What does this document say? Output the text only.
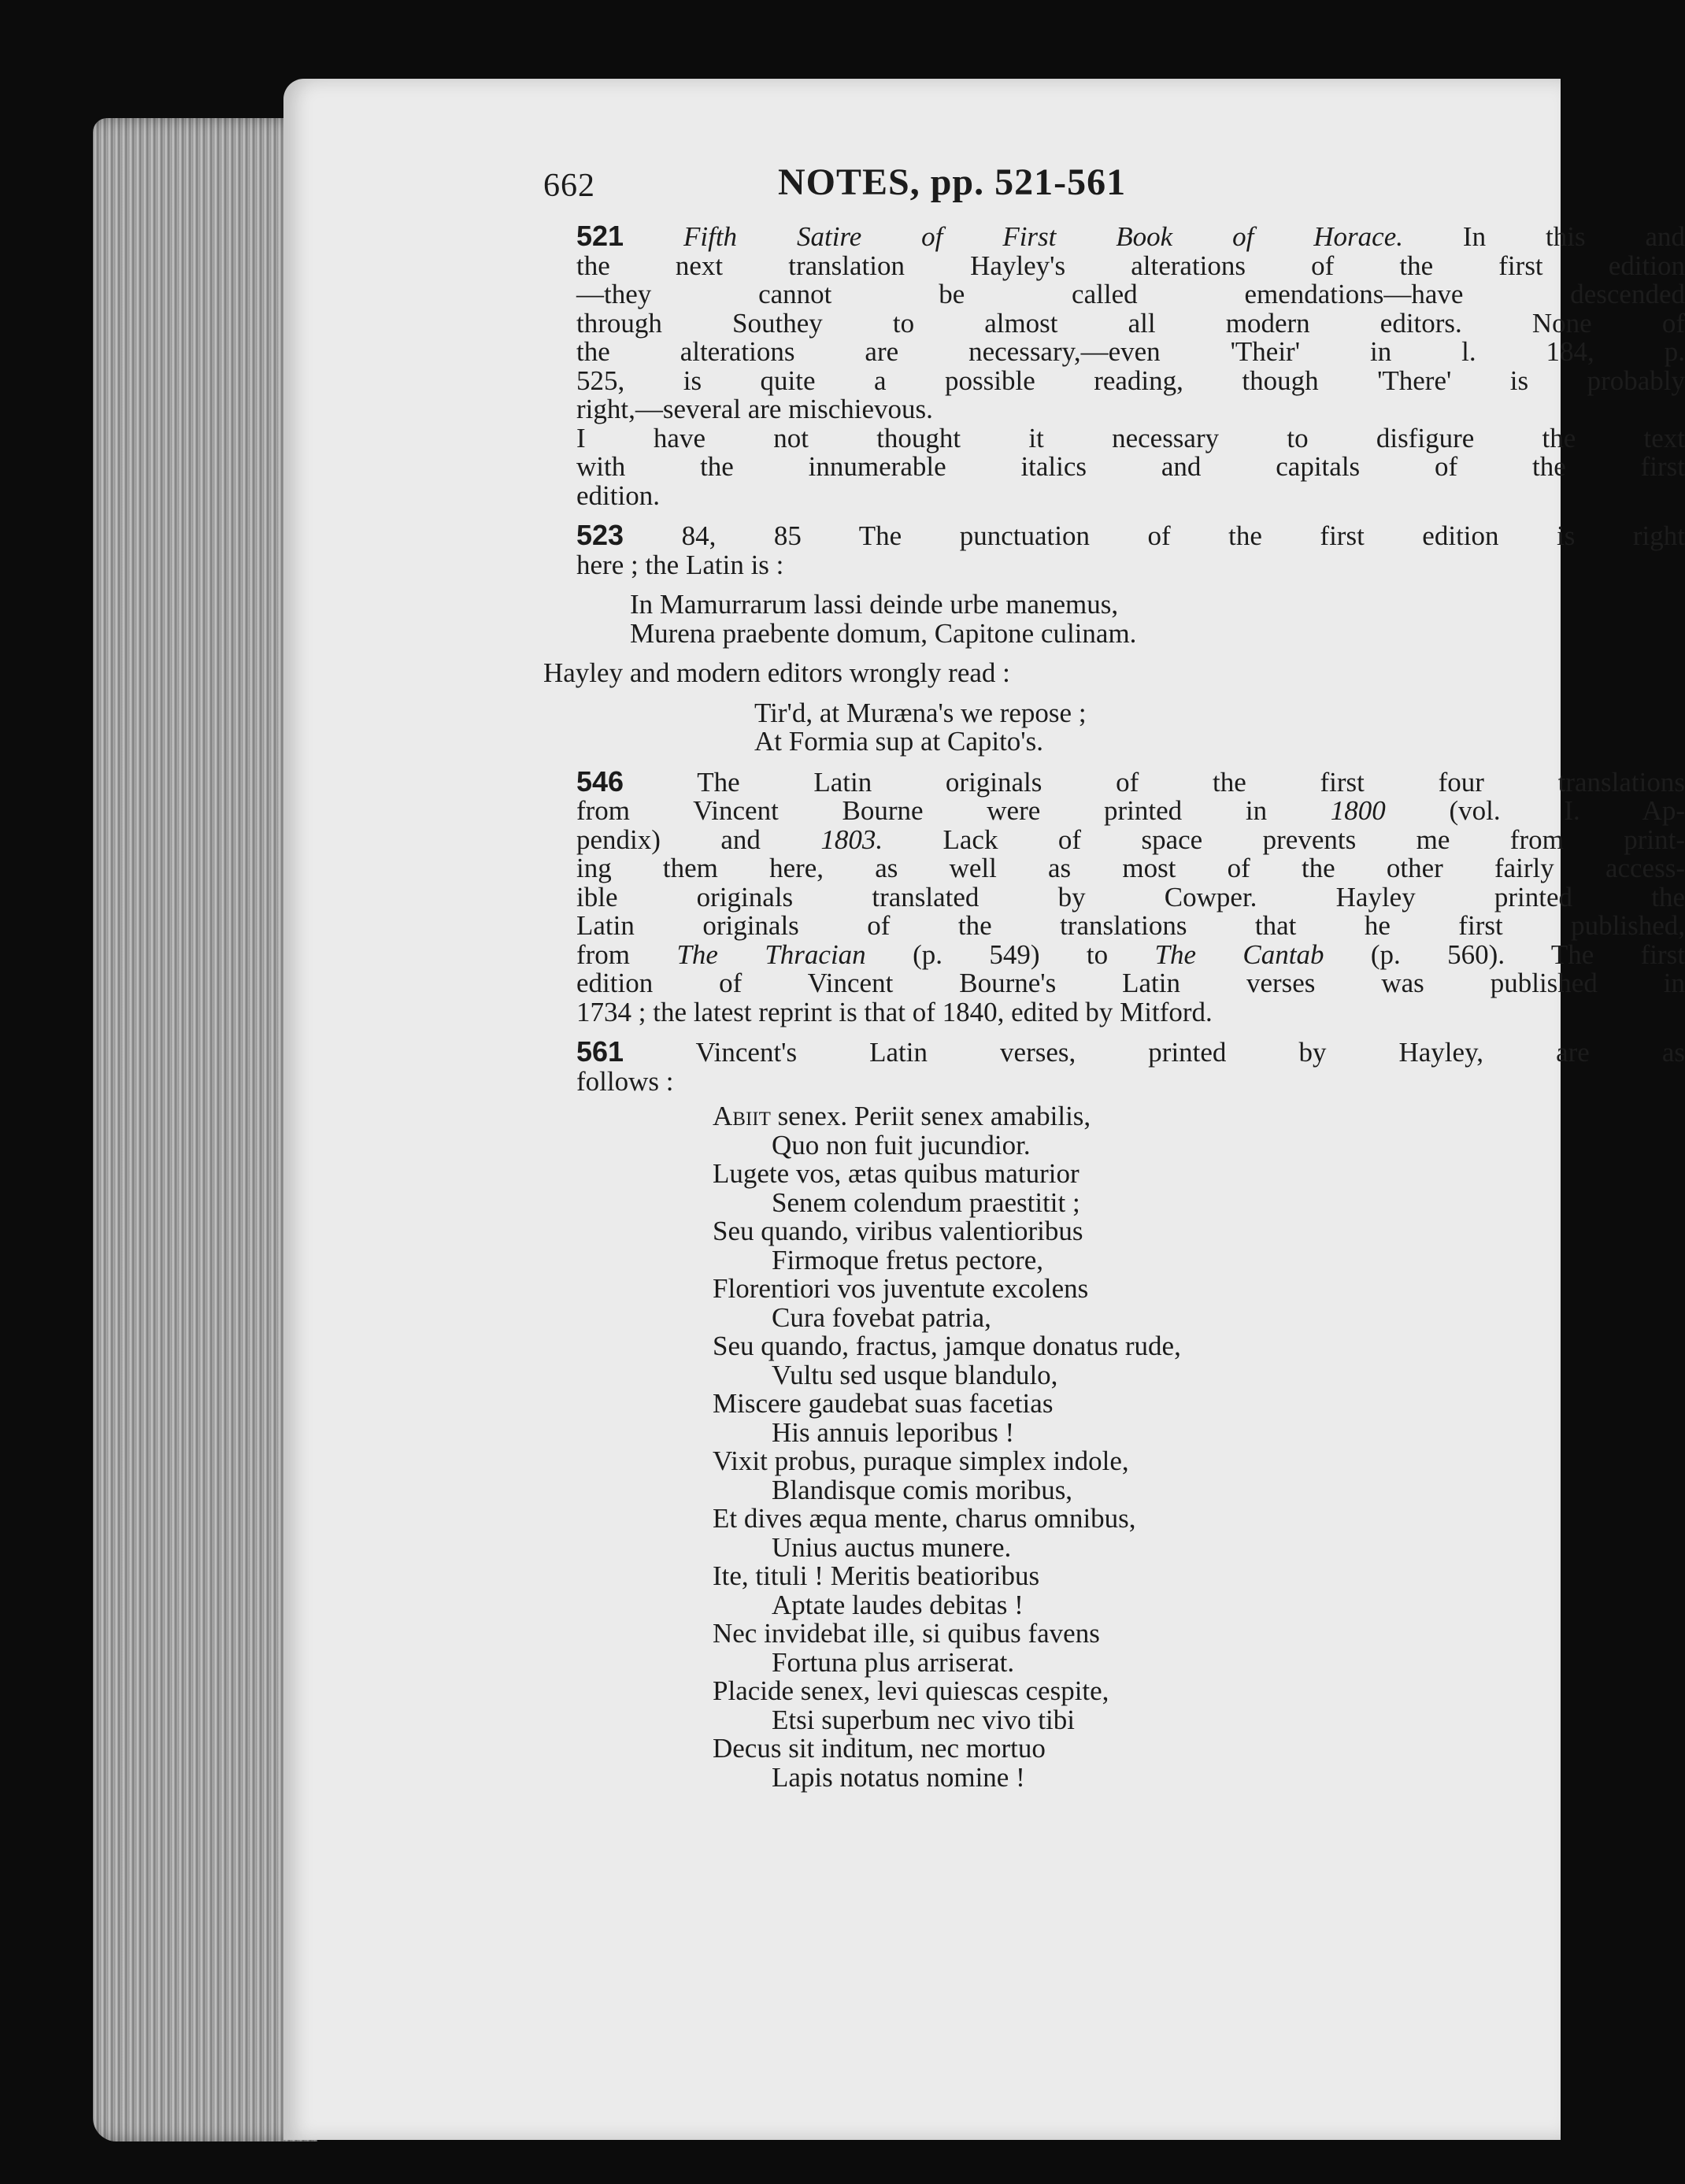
662	NOTES, pp. 521-561
521 Fifth Satire of First Book of Horace. In this and
the next translation Hayley's alterations of the first edition
—they cannot be called emendations—have descended
through Southey to almost all modern editors. None of
the alterations are necessary,—even 'Their' in l. 184, p.
525, is quite a possible reading, though 'There' is probably
right,—several are mischievous.
I have not thought it necessary to disfigure the text
with the innumerable italics and capitals of the first
edition.
523 84, 85 The punctuation of the first edition is right
here ; the Latin is :
In Mamurrarum lassi deinde urbe manemus,
Murena praebente domum, Capitone culinam.
Hayley and modern editors wrongly read :
Tir'd, at Muræna's we repose ;
At Formia sup at Capito's.
546	The Latin originals of the first four translations
from Vincent Bourne were printed in 1800 (vol. I. Ap-
pendix) and 1803. Lack of space prevents me from print-
ing them here, as well as most of the other fairly access-
ible originals translated by Cowper. Hayley printed the
Latin originals of the translations that he first published,
from The Thracian (p. 549) to The Cantab (p. 560). The first
edition of Vincent Bourne's Latin verses was published in
1734 ; the latest reprint is that of 1840, edited by Mitford.
561	Vincent's Latin verses, printed by Hayley, are as
follows :
Abiit senex. Periit senex amabilis,
Quo non fuit jucundior.
Lugete vos, ætas quibus maturior
Senem colendum praestitit ;
Seu quando, viribus valentioribus
Firmoque fretus pectore,
Florentiori vos juventute excolens
Cura fovebat patria,
Seu quando, fractus, jamque donatus rude,
Vultu sed usque blandulo,
Miscere gaudebat suas facetias
His annuis leporibus !
Vixit probus, puraque simplex indole,
Blandisque comis moribus,
Et dives æqua mente, charus omnibus,
Unius auctus munere.
Ite, tituli ! Meritis beatioribus
Aptate laudes debitas !
Nec invidebat ille, si quibus favens
Fortuna plus arriserat.
Placide senex, levi quiescas cespite,
Etsi superbum nec vivo tibi
Decus sit inditum, nec mortuo
Lapis notatus nomine !
